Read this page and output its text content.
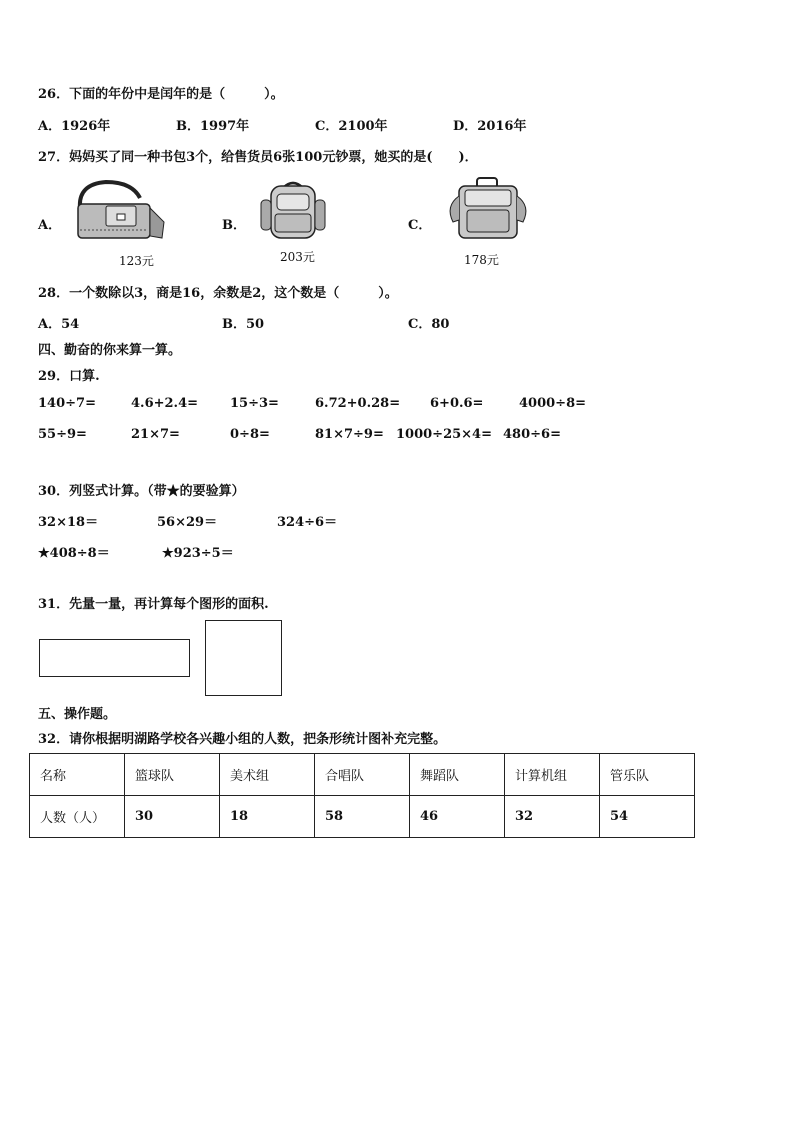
26．下面的年份中是闰年的是（　　　）。
A．1926年	B．1997年	C．2100年	D．2016年
27．妈妈买了同一种书包3个，给售货员6张100元钞票，她买的是(　　)．
A．
123元
B．
203元
C．
178元
28．一个数除以3，商是16，余数是2，这个数是（　　　）。
A．54	B．50	C．80
四、勤奋的你来算一算。
29．口算.
140÷7=	4.6+2.4= 15÷3=	6.72+0.28= 6+0.6=	4000÷8=
55÷9=	21×7=	0÷8=	81×7÷9= 1000÷25×4= 480÷6=
30．列竖式计算。（带★的要验算）
32×18＝	56×29＝	324÷6＝
★408÷8＝	★923÷5＝
31．先量一量，再计算每个图形的面积.
五、操作题。
32．请你根据明湖路学校各兴趣小组的人数，把条形统计图补充完整。
名称	篮球队	美术组	合唱队	舞蹈队	计算机组	管乐队
人数（人）	30	18	58	46	32	54
